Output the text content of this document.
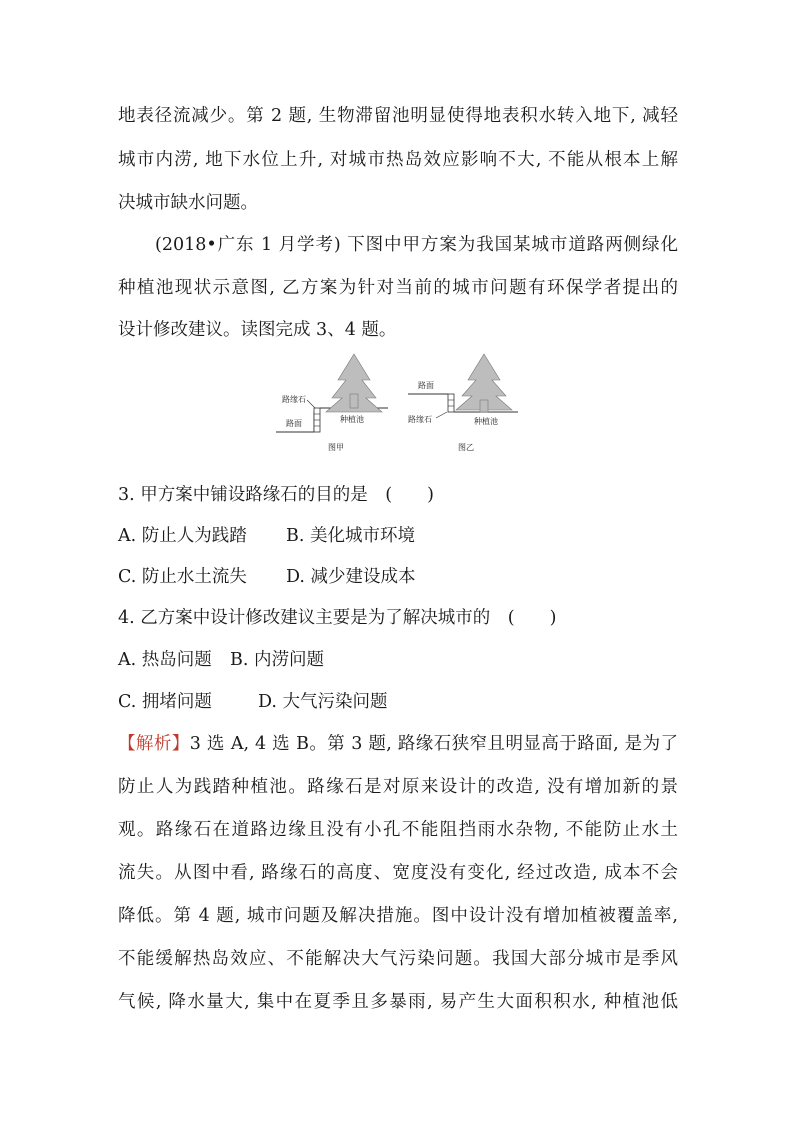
地表径流减少。第 2 题, 生物滞留池明显使得地表积水转入地下, 减轻
城市内涝, 地下水位上升, 对城市热岛效应影响不大, 不能从根本上解
决城市缺水问题。
(2018•广东 1 月学考) 下图中甲方案为我国某城市道路两侧绿化
种植池现状示意图, 乙方案为针对当前的城市问题有环保学者提出的
设计修改建议。读图完成 3、4 题。
路缘石
路面	种植池
图甲
路面
路缘石	种植池
图乙
3. 甲方案中铺设路缘石的目的是　(　　)
A. 防止人为践踏	B. 美化城市环境
C. 防止水土流失	D. 减少建设成本
4. 乙方案中设计修改建议主要是为了解决城市的　(　　)
A. 热岛问题	B. 内涝问题
C. 拥堵问题	D. 大气污染问题
【解析】3 选 A, 4 选 B。第 3 题, 路缘石狭窄且明显高于路面, 是为了
防止人为践踏种植池。路缘石是对原来设计的改造, 没有增加新的景
观。路缘石在道路边缘且没有小孔不能阻挡雨水杂物, 不能防止水土
流失。从图中看, 路缘石的高度、宽度没有变化, 经过改造, 成本不会
降低。第 4 题, 城市问题及解决措施。图中设计没有增加植被覆盖率,
不能缓解热岛效应、不能解决大气污染问题。我国大部分城市是季风
气候, 降水量大, 集中在夏季且多暴雨, 易产生大面积积水, 种植池低
